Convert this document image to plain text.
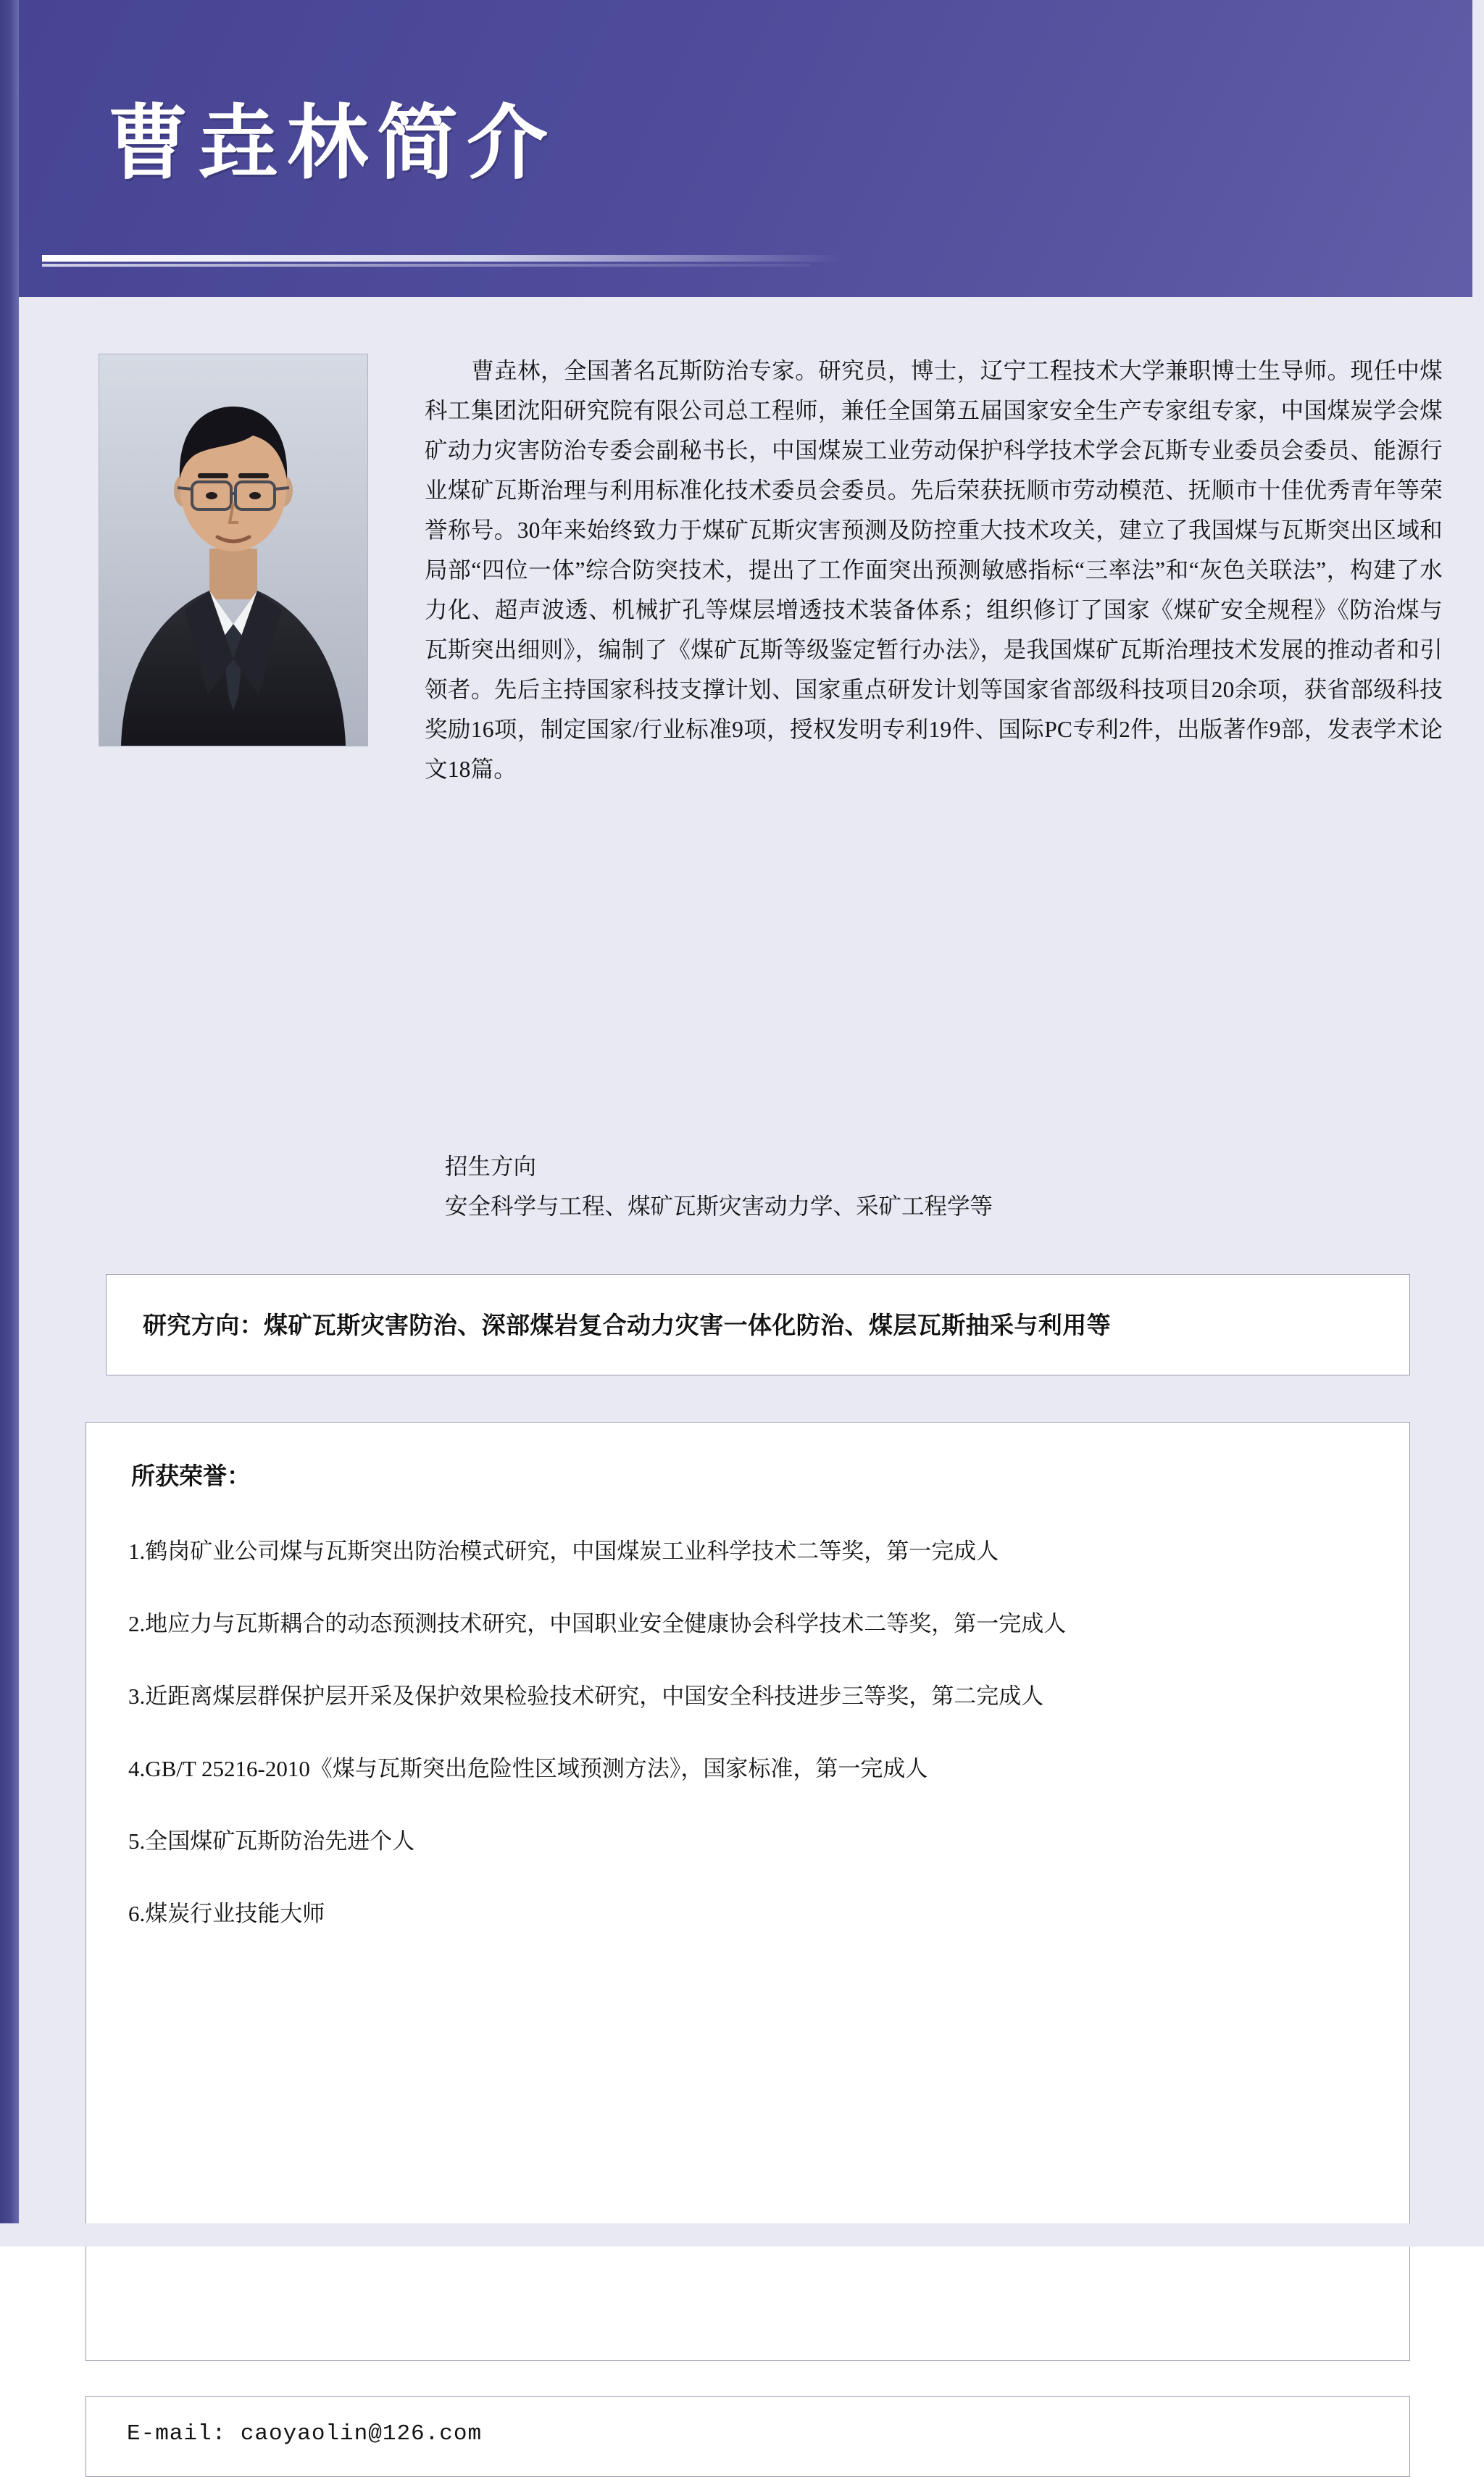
曹垚林简介
曹垚林，全国著名瓦斯防治专家。研究员，博士，辽宁工程技术大学兼职博士生导师。现任中煤科工集团沈阳研究院有限公司总工程师，兼任全国第五届国家安全生产专家组专家，中国煤炭学会煤矿动力灾害防治专委会副秘书长，中国煤炭工业劳动保护科学技术学会瓦斯专业委员会委员、能源行业煤矿瓦斯治理与利用标准化技术委员会委员。先后荣获抚顺市劳动模范、抚顺市十佳优秀青年等荣誉称号。30年来始终致力于煤矿瓦斯灾害预测及防控重大技术攻关，建立了我国煤与瓦斯突出区域和局部“四位一体”综合防突技术，提出了工作面突出预测敏感指标“三率法”和“灰色关联法”，构建了水力化、超声波透、机械扩孔等煤层增透技术装备体系；组织修订了国家《煤矿安全规程》《防治煤与瓦斯突出细则》，编制了《煤矿瓦斯等级鉴定暂行办法》，是我国煤矿瓦斯治理技术发展的推动者和引领者。先后主持国家科技支撑计划、国家重点研发计划等国家省部级科技项目20余项，获省部级科技奖励16项，制定国家/行业标准9项，授权发明专利19件、国际PC专利2件，出版著作9部，发表学术论文18篇。
招生方向
安全科学与工程、煤矿瓦斯灾害动力学、采矿工程学等
研究方向：煤矿瓦斯灾害防治、深部煤岩复合动力灾害一体化防治、煤层瓦斯抽采与利用等
所获荣誉：
1.鹤岗矿业公司煤与瓦斯突出防治模式研究，中国煤炭工业科学技术二等奖，第一完成人
2.地应力与瓦斯耦合的动态预测技术研究，中国职业安全健康协会科学技术二等奖，第一完成人
3.近距离煤层群保护层开采及保护效果检验技术研究，中国安全科技进步三等奖，第二完成人
4.GB/T 25216-2010《煤与瓦斯突出危险性区域预测方法》，国家标准，第一完成人
5.全国煤矿瓦斯防治先进个人
6.煤炭行业技能大师
E-mail: caoyaolin@126.com
